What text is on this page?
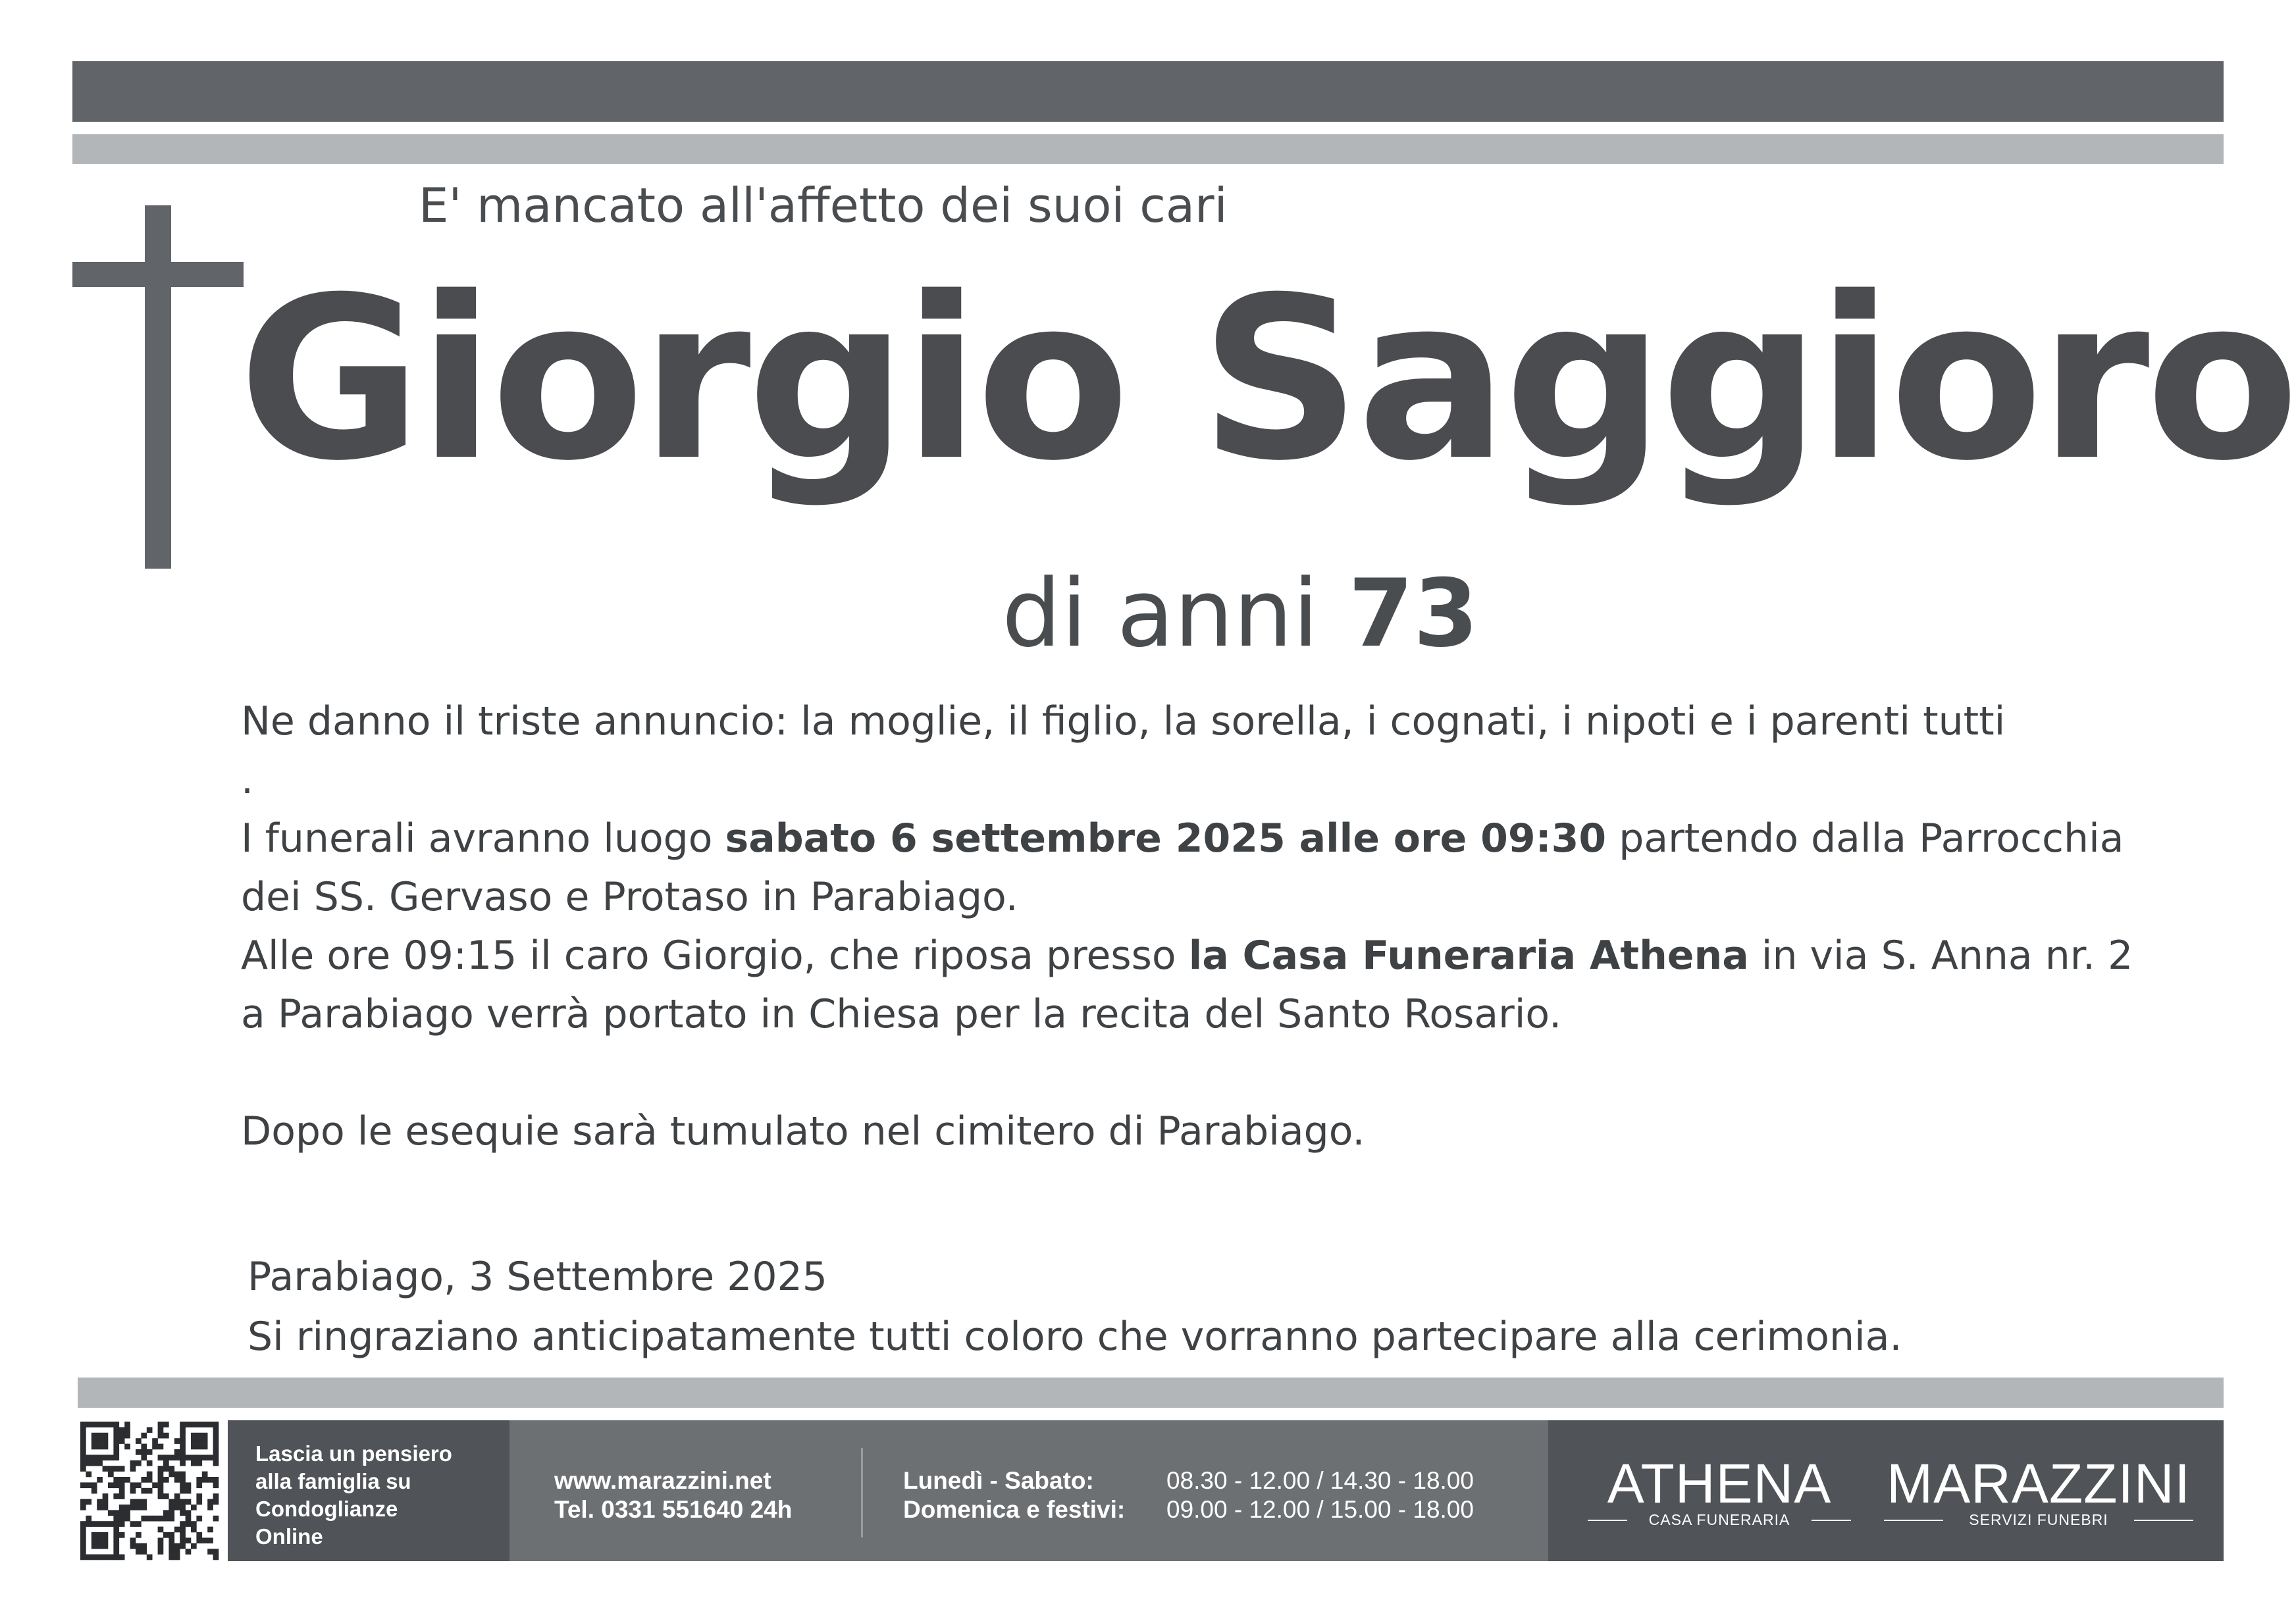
E' mancato all'affetto dei suoi cari
Giorgio Saggioro
di anni 73

Ne danno il triste annuncio: la moglie, il figlio, la sorella, i cognati, i nipoti e i parenti tutti

.

I funerali avranno luogo sabato 6 settembre 2025 alle ore 09:30 partendo dalla Parrocchia

dei SS. Gervaso e Protaso in Parabiago.

Alle ore 09:15 il caro Giorgio, che riposa presso la Casa Funeraria Athena in via S. Anna nr. 2

a Parabiago verrà portato in Chiesa per la recita del Santo Rosario.

Dopo le esequie sarà tumulato nel cimitero di Parabiago.

Parabiago, 3 Settembre 2025
Si ringraziano anticipatamente tutti coloro che vorranno partecipare alla cerimonia.
Lascia un pensiero
alla famiglia su
Condoglianze
Online
www.marazzini.net
Tel. 0331 551640 24h
Lunedì - Sabato:	08.30 - 12.00 / 14.30 - 18.00
Domenica e festivi: 09.00 - 12.00 / 15.00 - 18.00	ATHENA
CASA FUNERARIA
MARAZZINI
SERVIZI FUNEBRI
